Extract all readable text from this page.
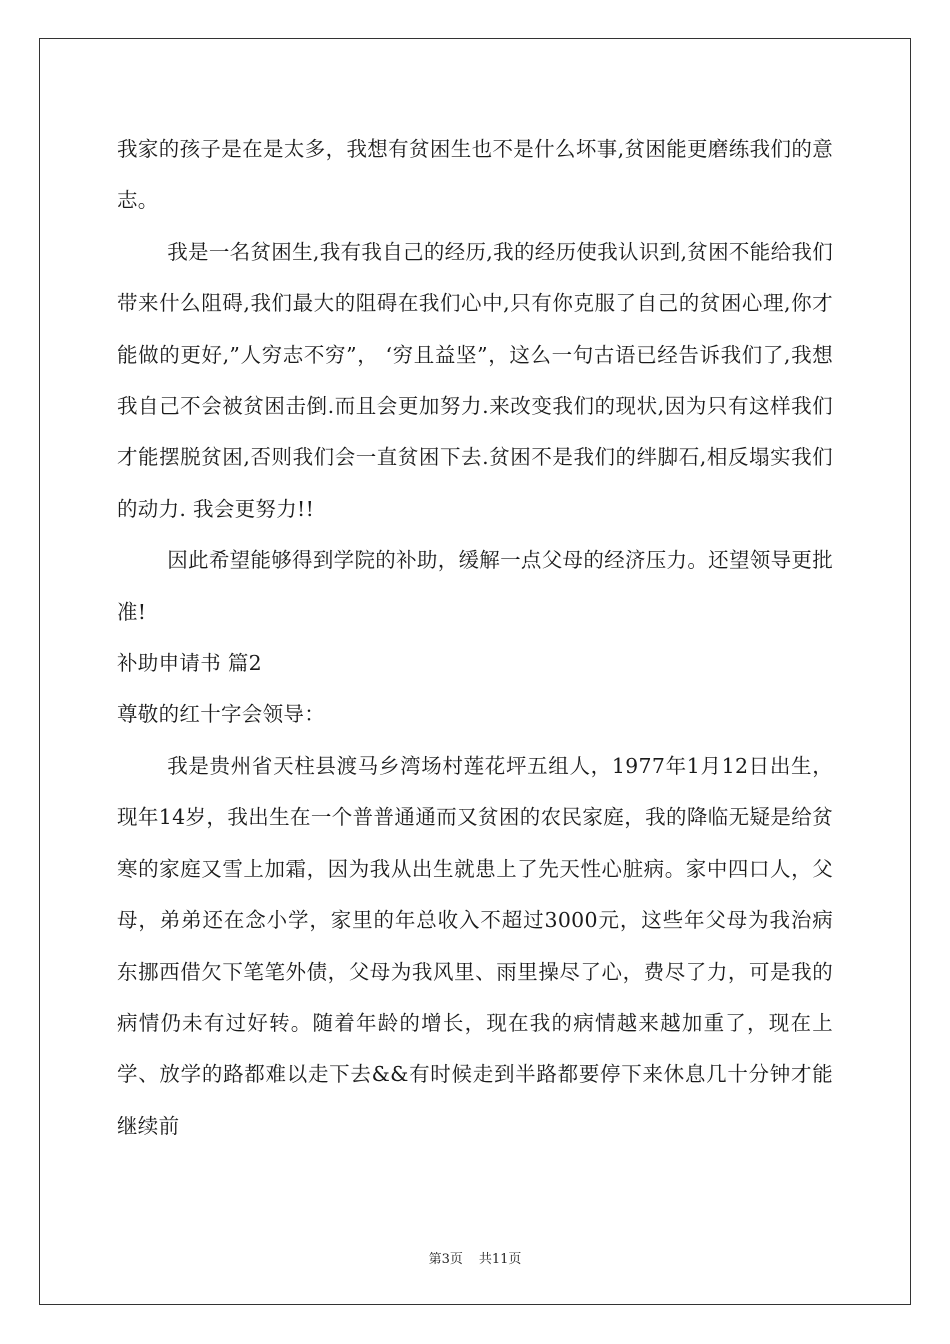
我家的孩子是在是太多，我想有贫困生也不是什么坏事,贫困能更磨练我们的意志。

我是一名贫困生,我有我自己的经历,我的经历使我认识到,贫困不能给我们带来什么阻碍,我们最大的阻碍在我们心中,只有你克服了自己的贫困心理,你才能做的更好,”人穷志不穷”， ‘穷且益坚”，这么一句古语已经告诉我们了,我想我自己不会被贫困击倒.而且会更加努力.来改变我们的现状,因为只有这样我们才能摆脱贫困,否则我们会一直贫困下去.贫困不是我们的绊脚石,相反塌实我们的动力. 我会更努力!!

因此希望能够得到学院的补助，缓解一点父母的经济压力。还望领导更批准!

补助申请书 篇2

尊敬的红十字会领导：

我是贵州省天柱县渡马乡湾场村莲花坪五组人，1977年1月12日出生，现年14岁，我出生在一个普普通通而又贫困的农民家庭，我的降临无疑是给贫寒的家庭又雪上加霜，因为我从出生就患上了先天性心脏病。家中四口人，父母，弟弟还在念小学，家里的年总收入不超过3000元，这些年父母为我治病东挪西借欠下笔笔外债，父母为我风里、雨里操尽了心，费尽了力，可是我的病情仍未有过好转。随着年龄的增长，现在我的病情越来越加重了，现在上学、放学的路都难以走下去&&有时候走到半路都要停下来休息几十分钟才能继续前

第3页 共11页
